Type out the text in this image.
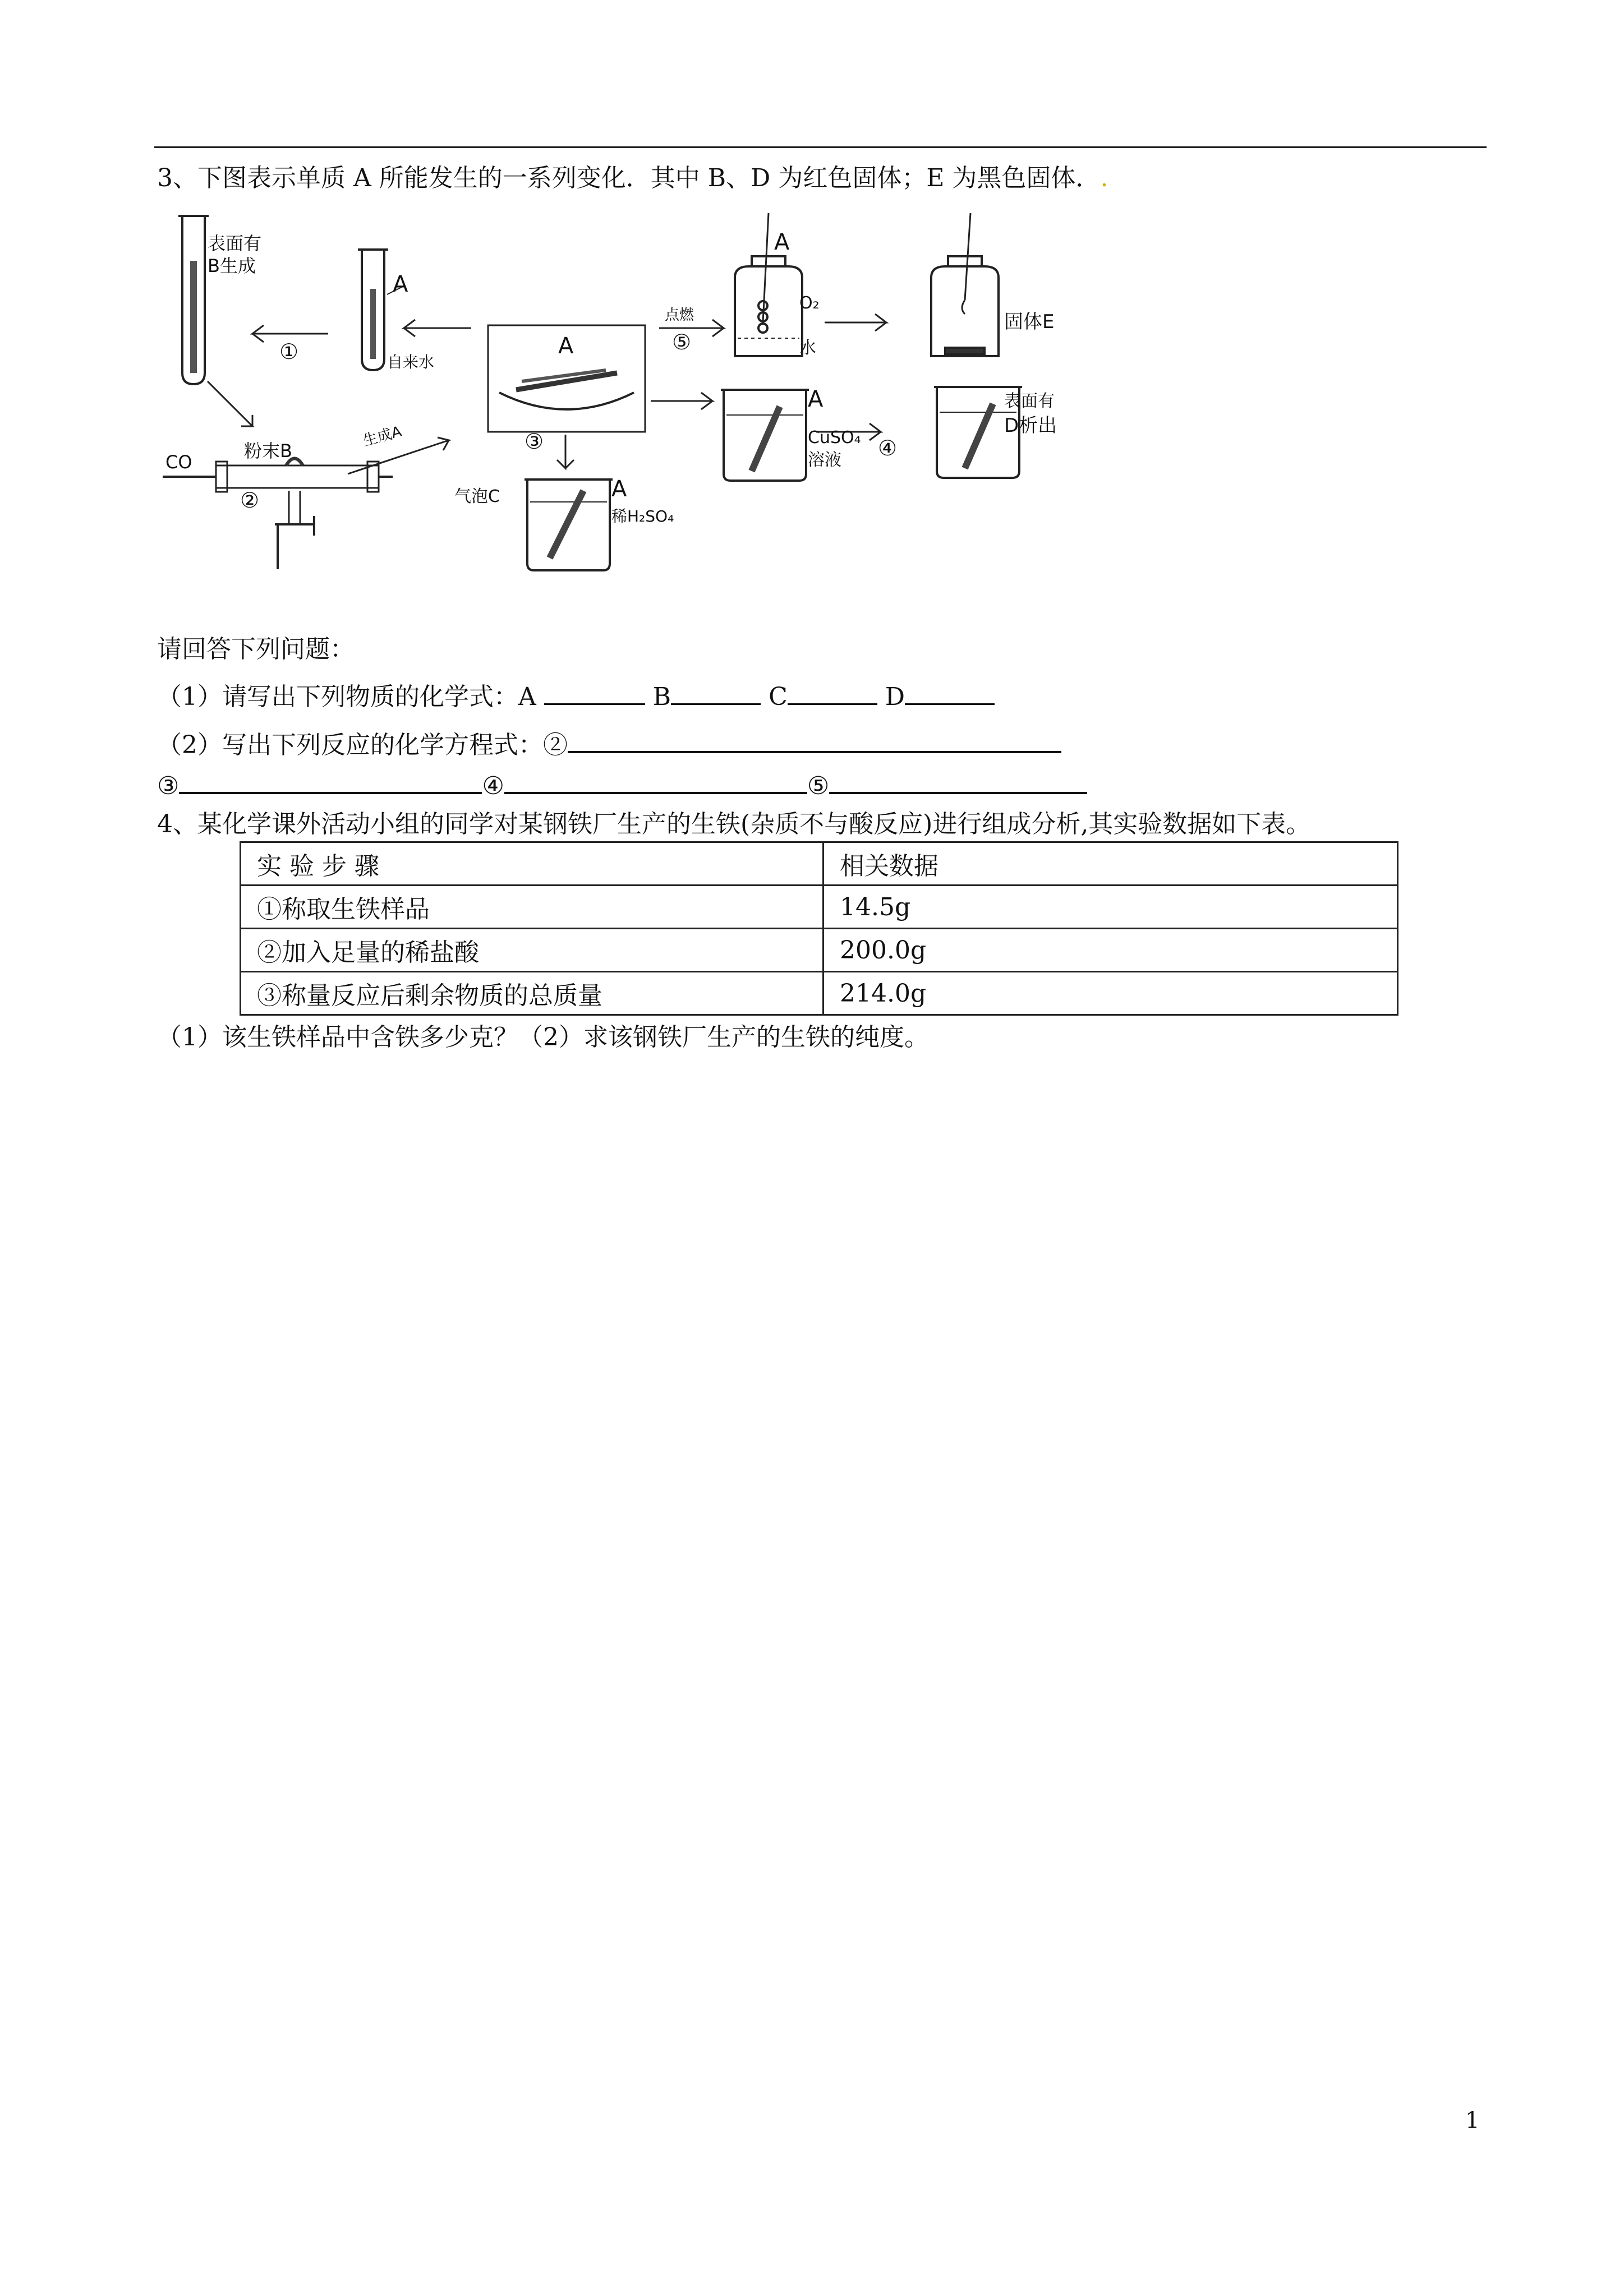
3、下图表示单质 A 所能发生的一系列变化．其中 B、D 为红色固体；E 为黑色固体．.
表面有
B生成
A
自来水
A
点燃
A
O₂
水
固体E
A
CuSO₄
溶液
表面有
D析出
生成A
粉末B
CO
气泡C	A
稀H₂SO₄
①
②
③	④
⑤
请回答下列问题：
（1）请写出下列物质的化学式：A	B	C	D
（2）写出下列反应的化学方程式：②
③	④	⑤
4、某化学课外活动小组的同学对某钢铁厂生产的生铁(杂质不与酸反应)进行组成分析,其实验数据如下表。
实 验 步 骤	相关数据
①称取生铁样品	14.5g
②加入足量的稀盐酸	200.0g
③称量反应后剩余物质的总质量	214.0g
（1）该生铁样品中含铁多少克？（2）求该钢铁厂生产的生铁的纯度。
1
